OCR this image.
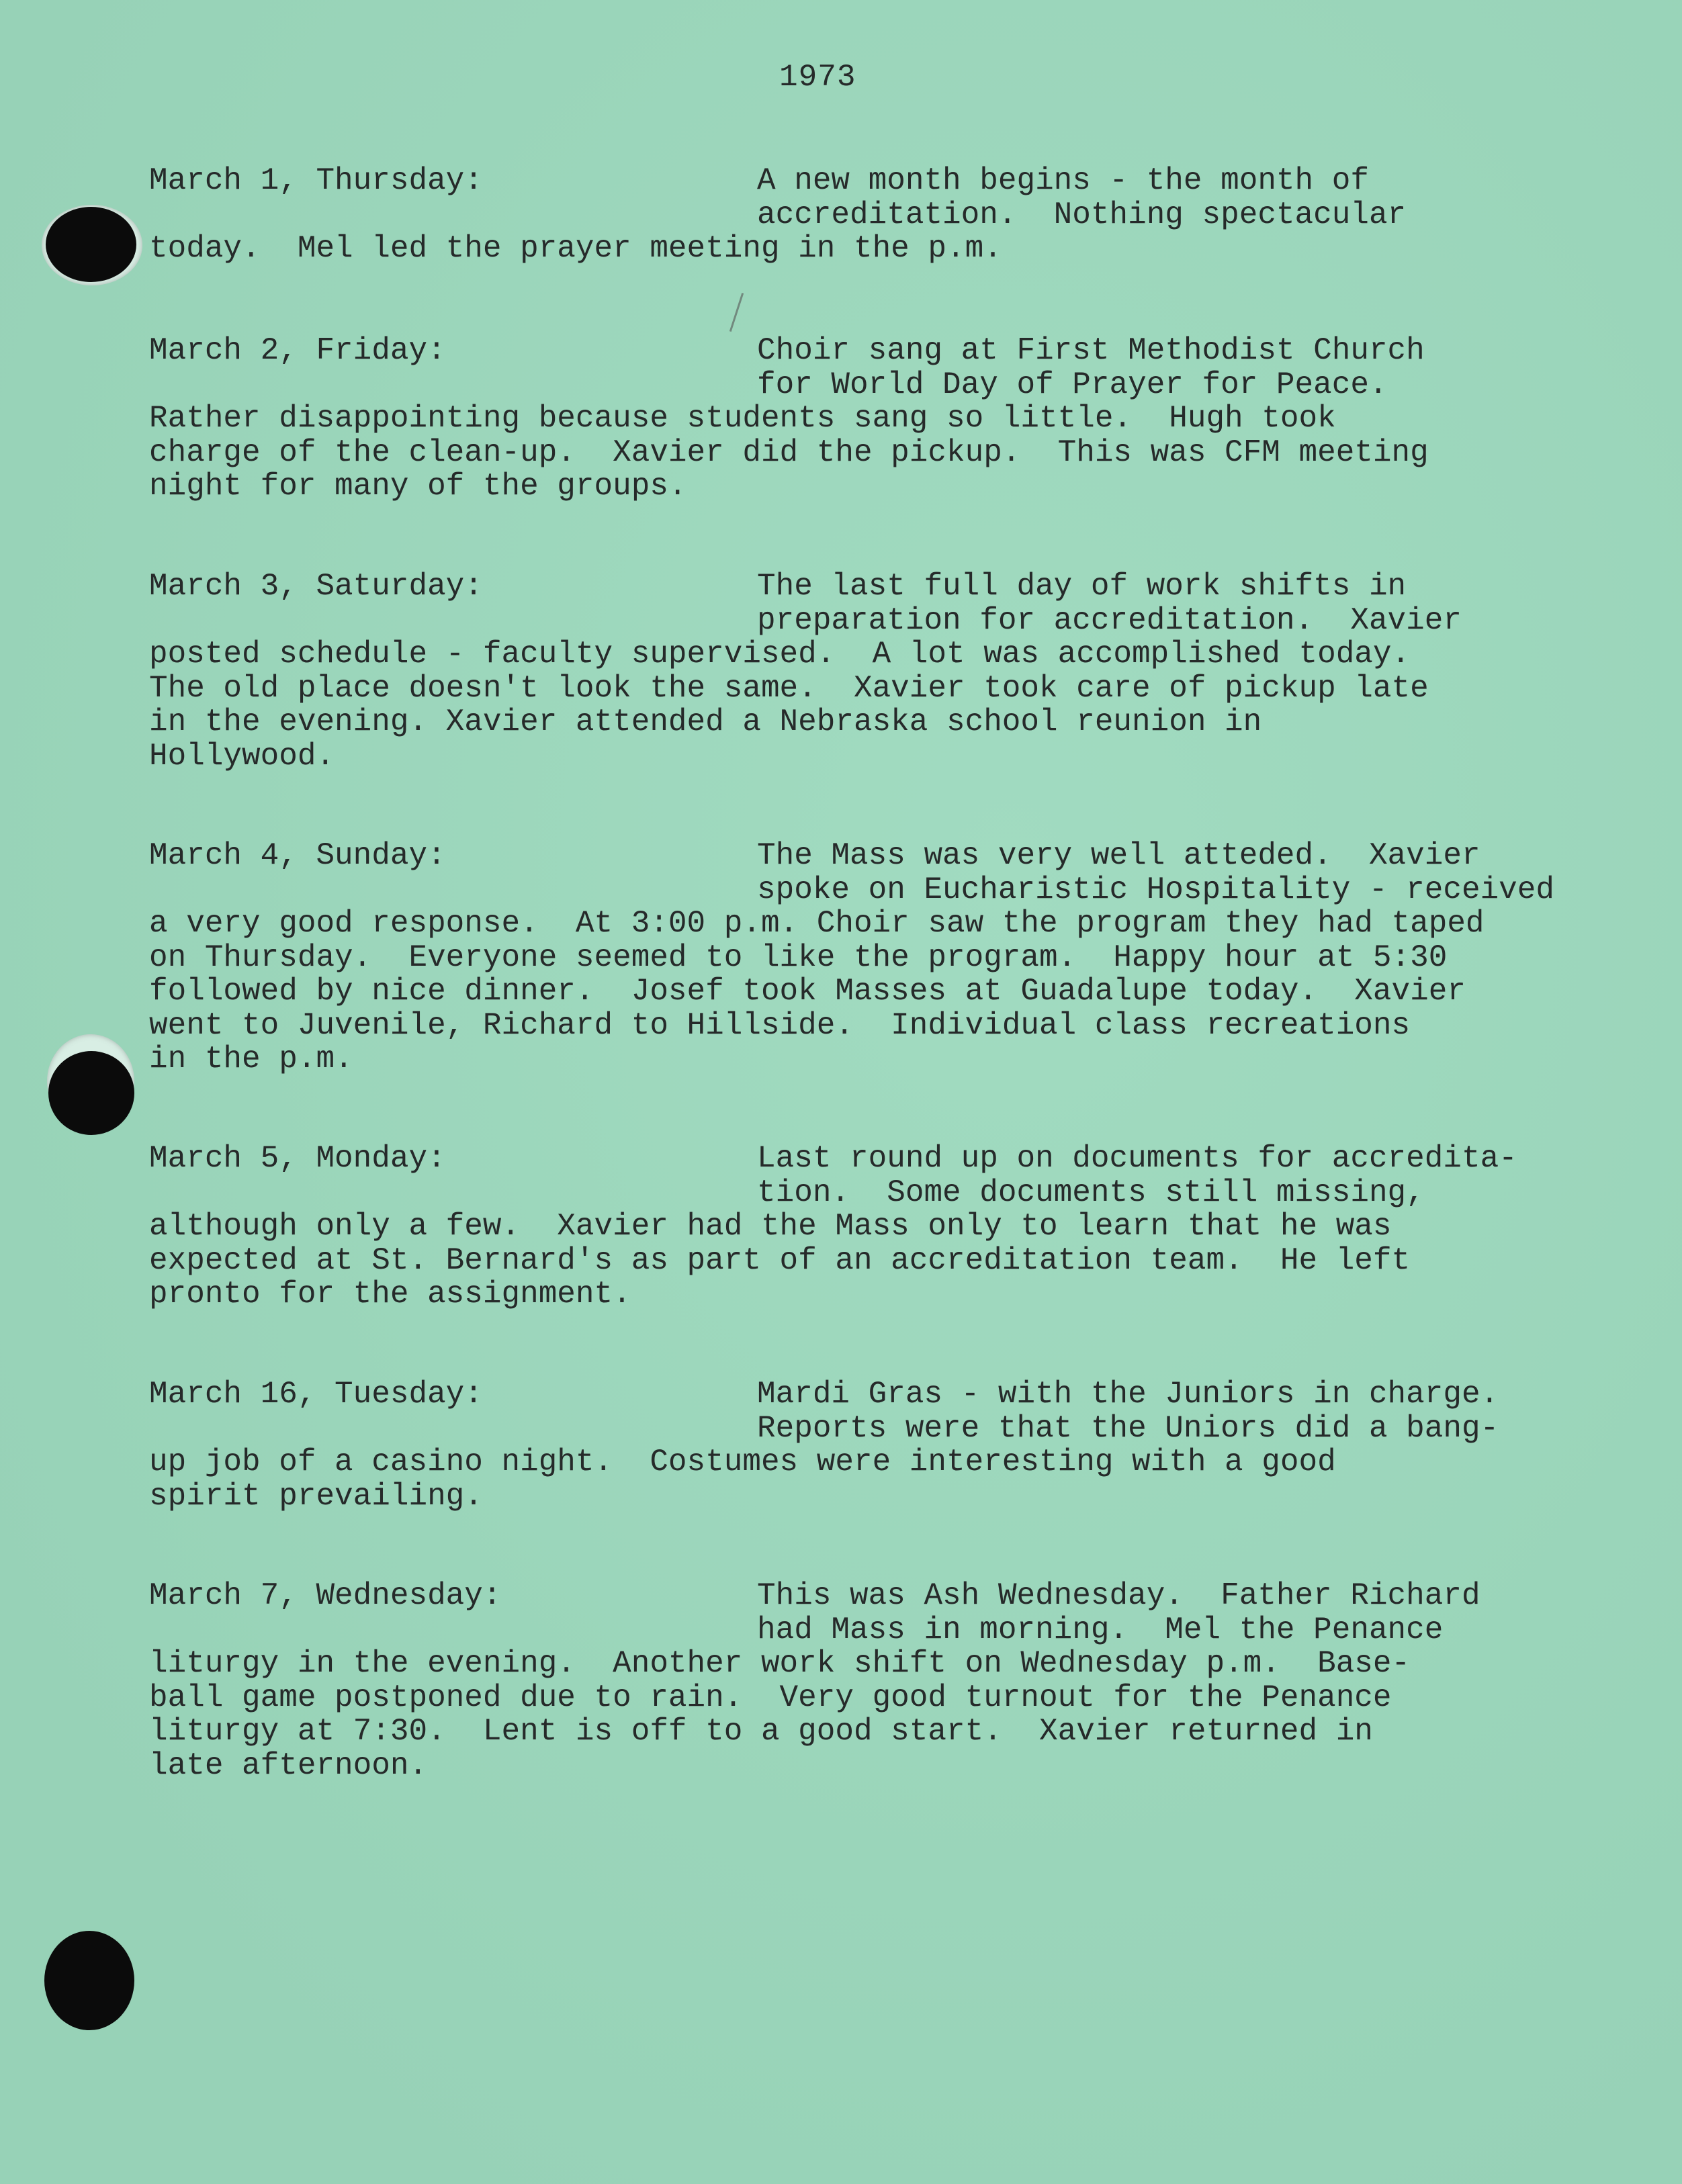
1973
March 1, Thursday:	A new month begins - the month of
accreditation.  Nothing spectacular
today.  Mel led the prayer meeting in the p.m.
March 2, Friday:	Choir sang at First Methodist Church
for World Day of Prayer for Peace.
Rather disappointing because students sang so little.  Hugh took
charge of the clean-up.  Xavier did the pickup.  This was CFM meeting
night for many of the groups.
March 3, Saturday:	The last full day of work shifts in
preparation for accreditation.  Xavier
posted schedule - faculty supervised.  A lot was accomplished today.
The old place doesn't look the same.  Xavier took care of pickup late
in the evening. Xavier attended a Nebraska school reunion in
Hollywood.
March 4, Sunday:	The Mass was very well atteded.  Xavier
spoke on Eucharistic Hospitality - received
a very good response.  At 3:00 p.m. Choir saw the program they had taped
on Thursday.  Everyone seemed to like the program.  Happy hour at 5:30
followed by nice dinner.  Josef took Masses at Guadalupe today.  Xavier
went to Juvenile, Richard to Hillside.  Individual class recreations
in the p.m.
March 5, Monday:	Last round up on documents for accredita-
tion.  Some documents still missing,
although only a few.  Xavier had the Mass only to learn that he was
expected at St. Bernard's as part of an accreditation team.  He left
pronto for the assignment.
March 16, Tuesday:	Mardi Gras - with the Juniors in charge.
Reports were that the Uniors did a bang-
up job of a casino night.  Costumes were interesting with a good
spirit prevailing.
March 7, Wednesday:	This was Ash Wednesday.  Father Richard
had Mass in morning.  Mel the Penance
liturgy in the evening.  Another work shift on Wednesday p.m.  Base-
ball game postponed due to rain.  Very good turnout for the Penance
liturgy at 7:30.  Lent is off to a good start.  Xavier returned in
late afternoon.
